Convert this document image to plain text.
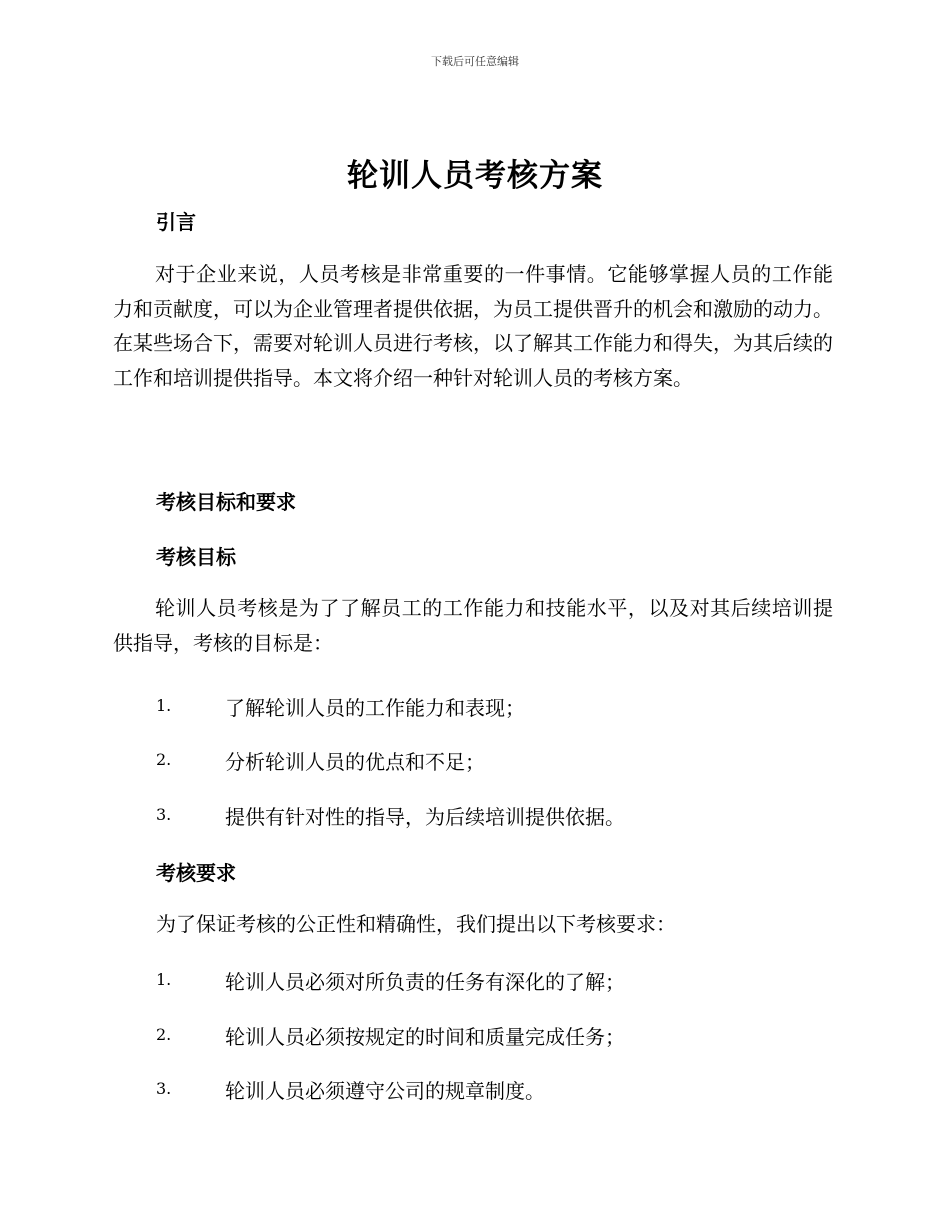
下载后可任意编辑
轮训人员考核方案
引言

对于企业来说，人员考核是非常重要的一件事情。它能够掌握人员的工作能力和贡献度，可以为企业管理者提供依据，为员工提供晋升的机会和激励的动力。在某些场合下，需要对轮训人员进行考核，以了解其工作能力和得失，为其后续的工作和培训提供指导。本文将介绍一种针对轮训人员的考核方案。

考核目标和要求
考核目标

轮训人员考核是为了了解员工的工作能力和技能水平，以及对其后续培训提供指导，考核的目标是：

1.	了解轮训人员的工作能力和表现；
2.	分析轮训人员的优点和不足；
3.	提供有针对性的指导，为后续培训提供依据。
考核要求

为了保证考核的公正性和精确性，我们提出以下考核要求：

1.	轮训人员必须对所负责的任务有深化的了解；
2.	轮训人员必须按规定的时间和质量完成任务；
3.	轮训人员必须遵守公司的规章制度。
